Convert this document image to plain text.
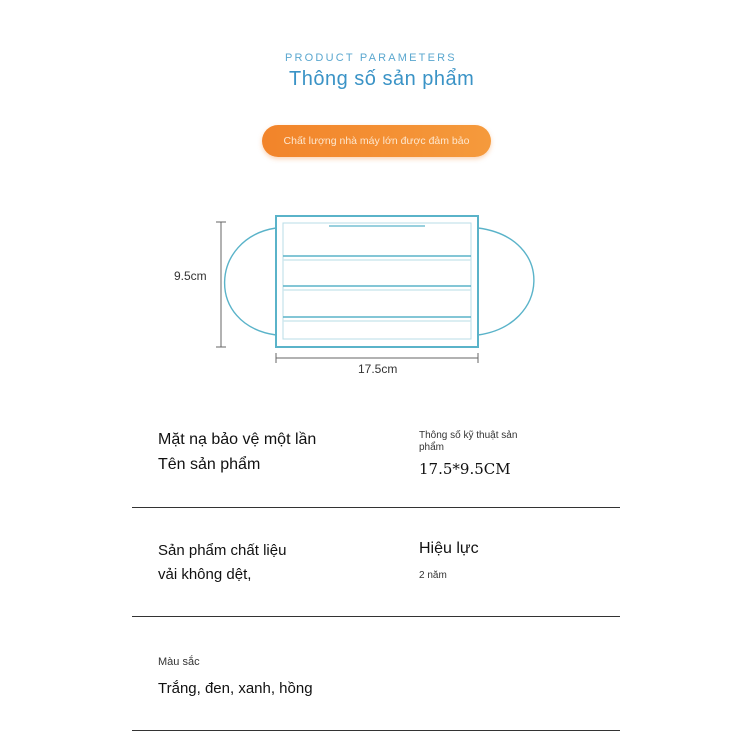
PRODUCT PARAMETERS
Thông số sản phẩm
Chất lượng nhà máy lớn được đảm bảo
9.5cm
17.5cm
Mặt nạ bảo vệ một lần
Tên sản phẩm
Thông số kỹ thuật sản phẩm
17.5*9.5CM
Sản phẩm chất liệu vải không dệt,
Hiệu lực
2 năm
Màu sắc
Trắng, đen, xanh, hồng
